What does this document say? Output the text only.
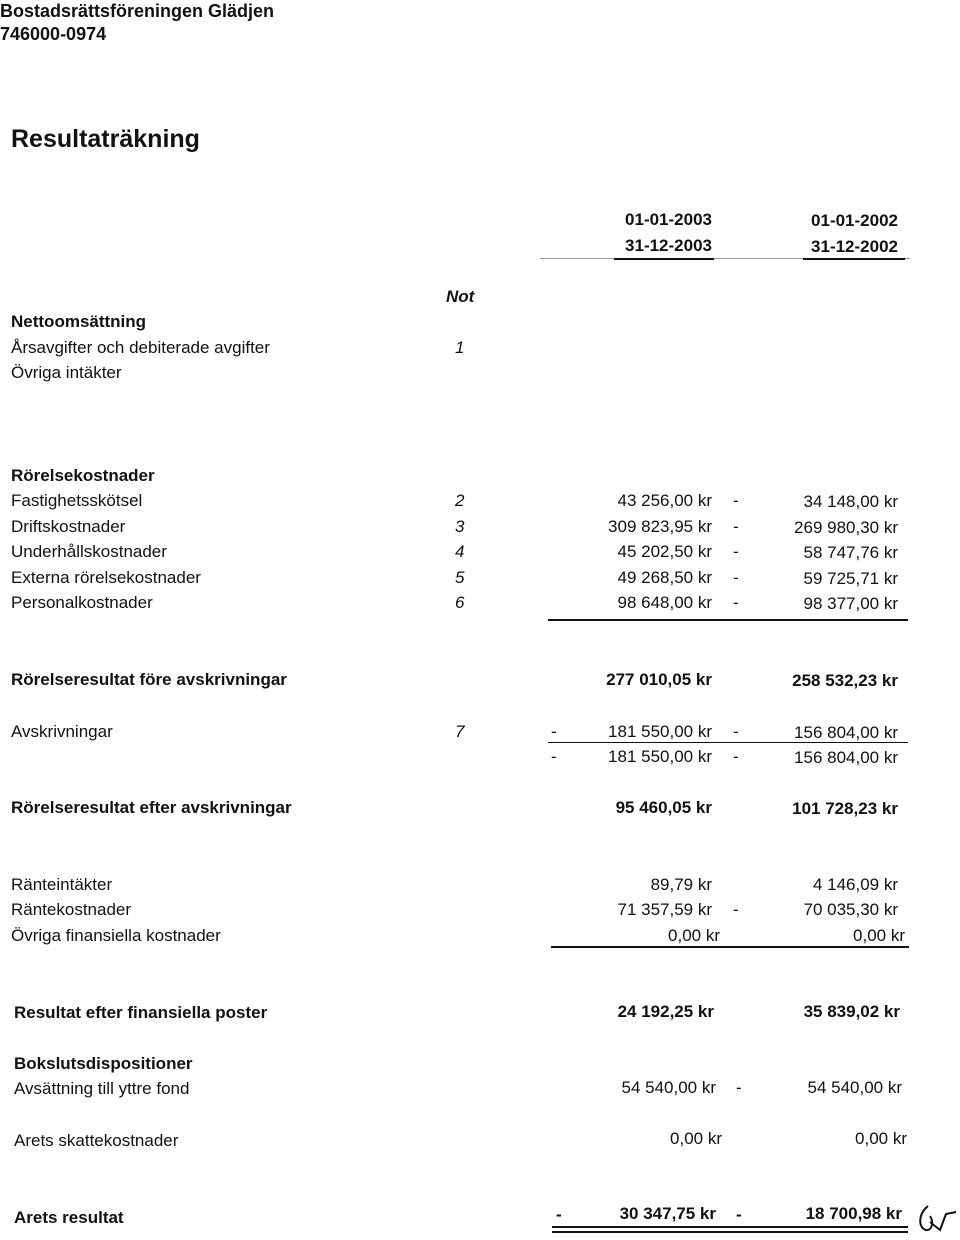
Bostadsrättsföreningen Glädjen
746000-0974
Resultaträkning
01-01-2003
31-12-2003
01-01-2002
31-12-2002
Not
Nettoomsättning
Årsavgifter och debiterade avgifter	1
Övriga intäkter
Rörelsekostnader
Fastighetsskötsel	2	43 256,00 kr -	34 148,00 kr
Driftskostnader	3	309 823,95 kr -	269 980,30 kr
Underhållskostnader	4	45 202,50 kr -	58 747,76 kr
Externa rörelsekostnader	5	49 268,50 kr -	59 725,71 kr
Personalkostnader	6	98 648,00 kr -	98 377,00 kr
Rörelseresultat före avskrivningar	277 010,05 kr	258 532,23 kr
Avskrivningar	7	-	181 550,00 kr -	156 804,00 kr
-	181 550,00 kr -	156 804,00 kr
Rörelseresultat efter avskrivningar	95 460,05 kr	101 728,23 kr
Ränteintäkter	89,79 kr	4 146,09 kr
Räntekostnader	71 357,59 kr -	70 035,30 kr
Övriga finansiella kostnader	0,00 kr	0,00 kr
Resultat efter finansiella poster	24 192,25 kr	35 839,02 kr
Bokslutsdispositioner
Avsättning till yttre fond	54 540,00 kr -	54 540,00 kr
Arets skattekostnader	0,00 kr	0,00 kr
Arets resultat	-	30 347,75 kr -	18 700,98 kr
